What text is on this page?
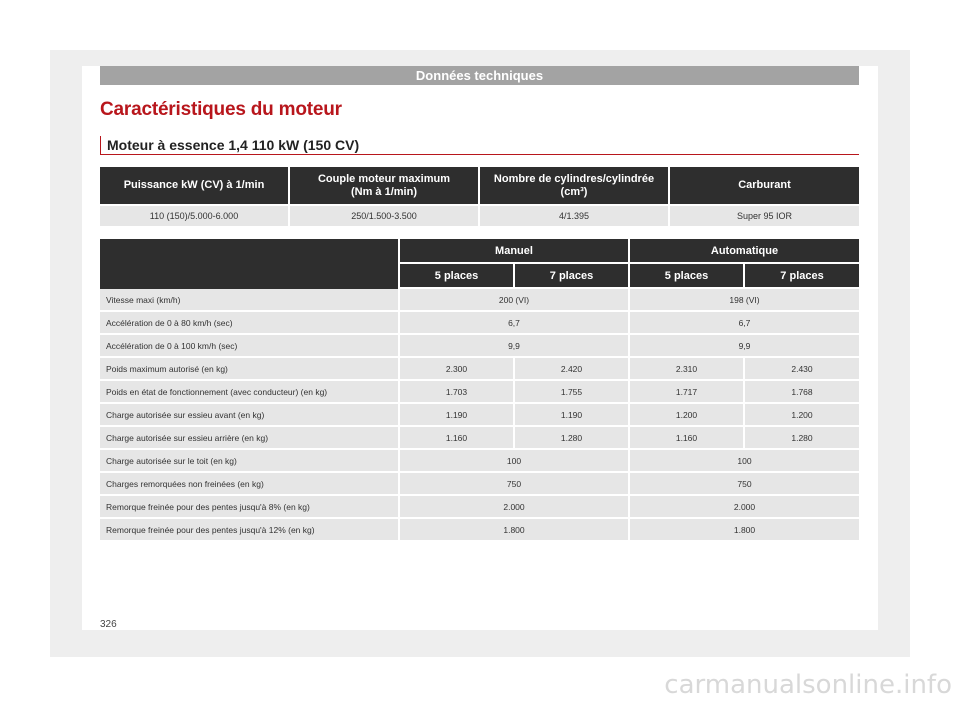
Données techniques
Caractéristiques du moteur
Moteur à essence 1,4 110 kW (150 CV)
Puissance kW (CV) à 1/min	Couple moteur maximum (Nm à 1/min)	Nombre de cylindres/cylindrée (cm³)	Carburant
110 (150)/5.000-6.000	250/1.500-3.500	4/1.395	Super 95 IOR
	Manuel		Automatique	
	5 places	7 places	5 places	7 places
Vitesse maxi (km/h)	200 (VI)		198 (VI)	
Accélération de 0 à 80 km/h (sec)	6,7		6,7	
Accélération de 0 à 100 km/h (sec)	9,9		9,9	
Poids maximum autorisé (en kg)	2.300	2.420	2.310	2.430
Poids en état de fonctionnement (avec conducteur) (en kg)	1.703	1.755	1.717	1.768
Charge autorisée sur essieu avant (en kg)	1.190	1.190	1.200	1.200
Charge autorisée sur essieu arrière (en kg)	1.160	1.280	1.160	1.280
Charge autorisée sur le toit (en kg)	100		100	
Charges remorquées non freinées (en kg)	750		750	
Remorque freinée pour des pentes jusqu'à 8% (en kg)	2.000		2.000	
Remorque freinée pour des pentes jusqu'à 12% (en kg)	1.800		1.800	
326
carmanualsonline.info
